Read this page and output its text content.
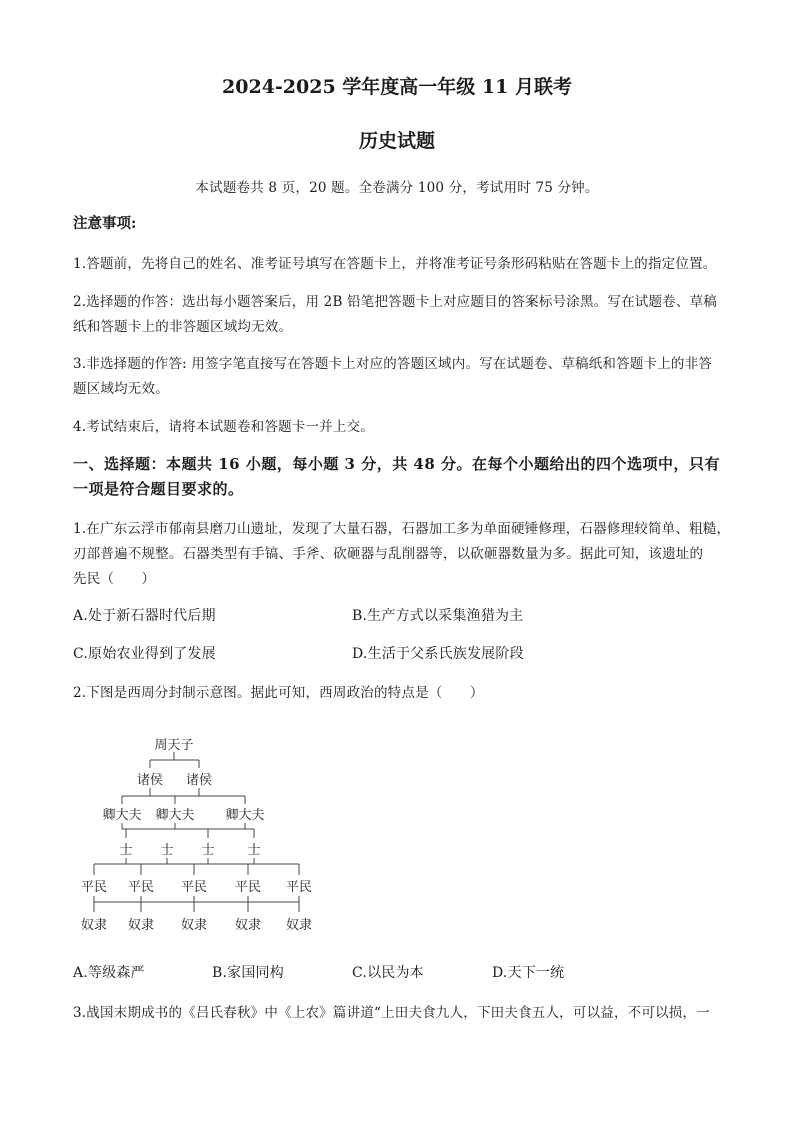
2024-2025 学年度高一年级 11 月联考
历史试题
本试题卷共 8 页，20 题。全卷满分 100 分，考试用时 75 分钟。
注意事项:
1.答题前，先将自己的姓名、准考证号填写在答题卡上，并将准考证号条形码粘贴在答题卡上的指定位置。
2.选择题的作答：选出每小题答案后，用 2B 铅笔把答题卡上对应题目的答案标号涂黑。写在试题卷、草稿
纸和答题卡上的非答题区域均无效。
3.非选择题的作答: 用签字笔直接写在答题卡上对应的答题区域内。写在试题卷、草稿纸和答题卡上的非答
题区域均无效。
4.考试结束后，请将本试题卷和答题卡一并上交。
一、选择题：本题共 16 小题，每小题 3 分，共 48 分。在每个小题给出的四个选项中，只有
一项是符合题目要求的。
1.在广东云浮市郁南县磨刀山遗址，发现了大量石器，石器加工多为单面硬锤修理，石器修理较简单、粗糙，
刃部普遍不规整。石器类型有手镐、手斧、砍砸器与乱削器等，以砍砸器数量为多。据此可知，该遗址的
先民（　　）
A.处于新石器时代后期	B.生产方式以采集渔猎为主
C.原始农业得到了发展	D.生活于父系氏族发展阶段
2.下图是西周分封制示意图。据此可知，西周政治的特点是（　　）
周天子
诸侯 诸侯
卿大夫 卿大夫 卿大夫
士 士 士	士
平民 平民 平民 平民 平民
奴隶 奴隶 奴隶 奴隶 奴隶
A.等级森严	B.家国同构	C.以民为本	D.天下一统
3.战国末期成书的《吕氏春秋》中《上农》篇讲道“上田夫食九人，下田夫食五人，可以益，不可以损，一
